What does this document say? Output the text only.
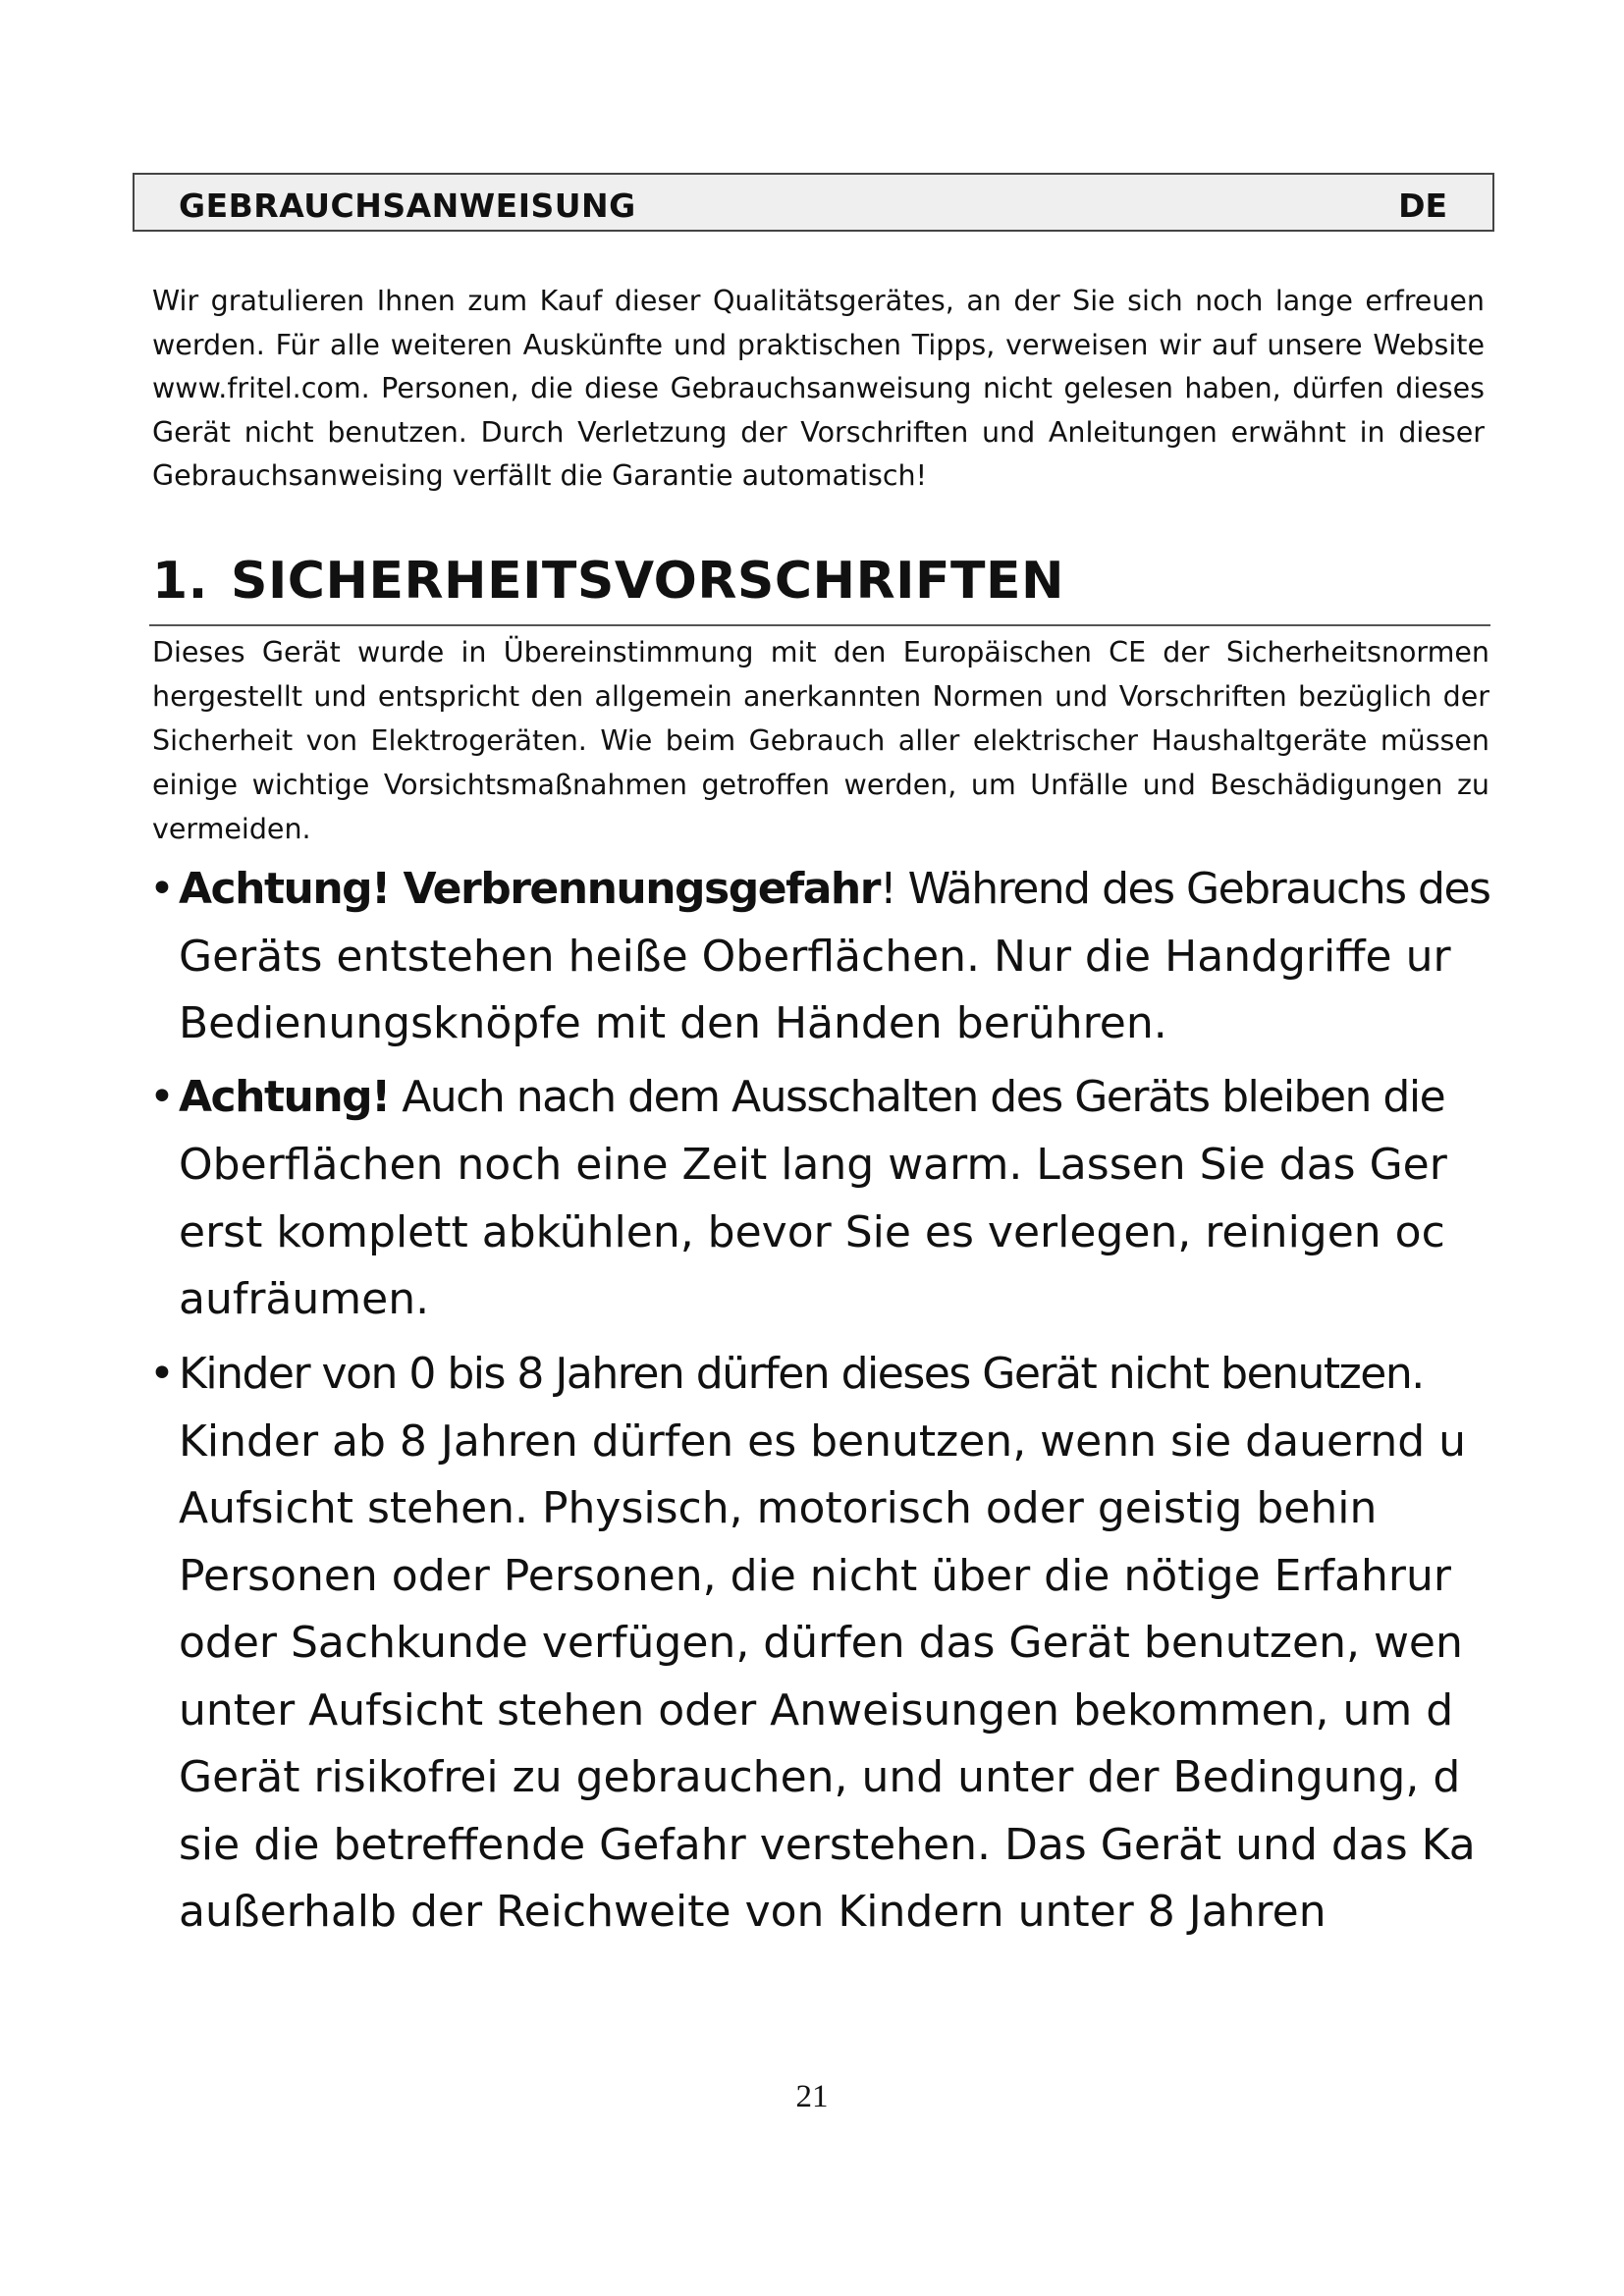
GEBRAUCHSANWEISUNG	DE

Wir gratulieren Ihnen zum Kauf dieser Qualitätsgerätes, an der Sie sich noch lange erfreuen werden. Für alle weiteren Auskünfte und praktischen Tipps, verweisen wir auf unsere Website www.fritel.com. Personen, die diese Gebrauchsanweisung nicht gelesen haben, dürfen dieses Gerät nicht benutzen. Durch Verletzung der Vorschriften und Anleitungen erwähnt in dieser Gebrauchsanweising verfällt die Garantie automatisch!

1. SICHERHEITSVORSCHRIFTEN

Dieses Gerät wurde in Übereinstimmung mit den Europäischen CE der Sicherheitsnormen hergestellt und entspricht den allgemein anerkannten Normen und Vorschriften bezüglich der Sicherheit von Elektrogeräten. Wie beim Gebrauch aller elektrischer Haushaltgeräte müssen einige wichtige Vorsichtsmaßnahmen getroffen werden, um Unfälle und Beschädigungen zu vermeiden.

•Achtung! Verbrennungsgefahr! Während des Gebrauchs des
Geräts entstehen heiße Oberflächen. Nur die Handgriffe ur
Bedienungsknöpfe mit den Händen berühren.
•Achtung! Auch nach dem Ausschalten des Geräts bleiben die
Oberflächen noch eine Zeit lang warm. Lassen Sie das Ger
erst komplett abkühlen, bevor Sie es verlegen, reinigen oc
aufräumen.
•Kinder von 0 bis 8 Jahren dürfen dieses Gerät nicht benutzen.
Kinder ab 8 Jahren dürfen es benutzen, wenn sie dauernd u
Aufsicht stehen. Physisch, motorisch oder geistig behin
Personen oder Personen, die nicht über die nötige Erfahrur
oder Sachkunde verfügen, dürfen das Gerät benutzen, wen
unter Aufsicht stehen oder Anweisungen bekommen, um d
Gerät risikofrei zu gebrauchen, und unter der Bedingung, d
sie die betreffende Gefahr verstehen. Das Gerät und das Ka
außerhalb der Reichweite von Kindern unter 8 Jahren
21
